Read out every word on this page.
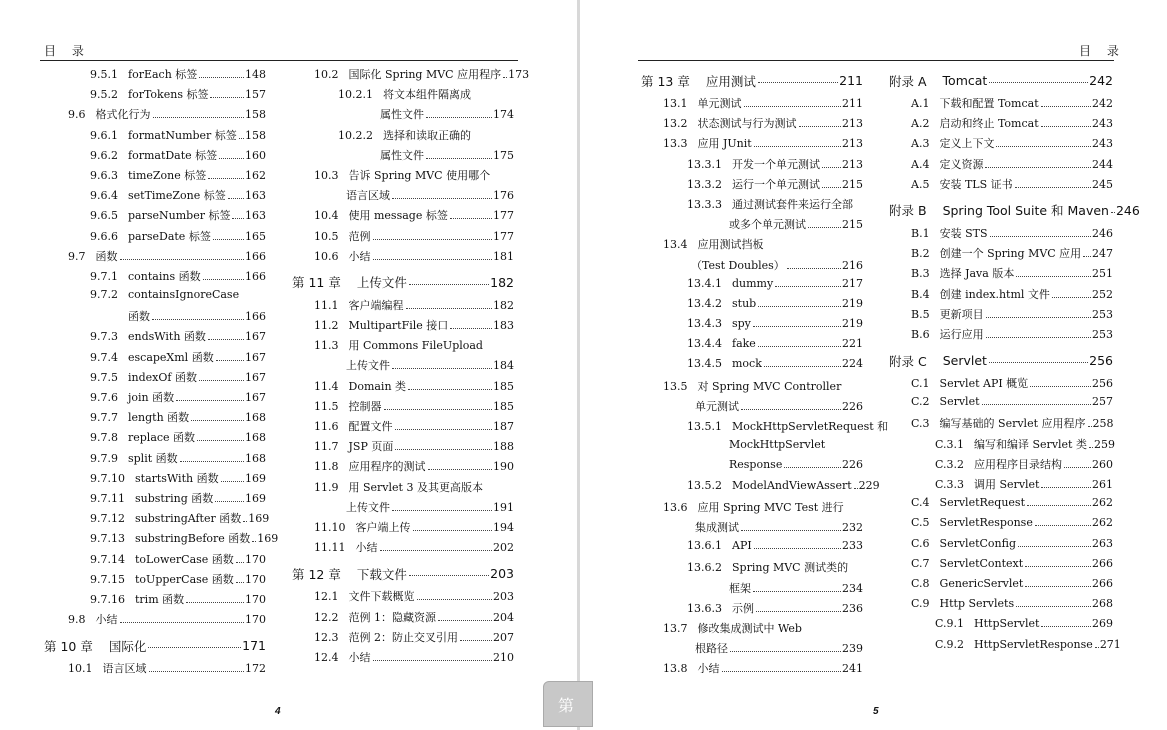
目 录
9.5.1 forEach 标签	148
9.5.2 forTokens 标签	157
9.6 格式化行为	158
9.6.1 formatNumber 标签 158
9.6.2 formatDate 标签	160
9.6.3 timeZone 标签	162
9.6.4 setTimeZone 标签 163
9.6.5 parseNumber 标签 163
9.6.6 parseDate 标签	165
9.7 函数	166
9.7.1 contains 函数	166
9.7.2 containsIgnoreCase
函数	166
9.7.3 endsWith 函数	167
9.7.4 escapeXml 函数	167
9.7.5 indexOf 函数	167
9.7.6 join 函数	167
9.7.7 length 函数	168
9.7.8 replace 函数	168
9.7.9 split 函数	168
9.7.10 startsWith 函数 169
9.7.11 substring 函数	169
9.7.12 substringAfter 函数 169
9.7.13 substringBefore 函数 169
9.7.14 toLowerCase 函数 170
9.7.15 toUpperCase 函数 170
9.7.16 trim 函数	170
9.8 小结	170
第 10 章 国际化	171
10.1 语言区域	172
10.2 国际化 Spring MVC 应用程序 173
10.2.1 将文本组件隔离成
属性文件	174
10.2.2 选择和读取正确的
属性文件	175
10.3 告诉 Spring MVC 使用哪个
语言区域	176
10.4 使用 message 标签	177
10.5 范例	177
10.6 小结	181
第 11 章 上传文件	182
11.1 客户端编程	182
11.2 MultipartFile 接口	183
11.3 用 Commons FileUpload
上传文件	184
11.4 Domain 类	185
11.5 控制器	185
11.6 配置文件	187
11.7 JSP 页面	188
11.8 应用程序的测试	190
11.9 用 Servlet 3 及其更高版本
上传文件	191
11.10 客户端上传	194
11.11 小结	202
第 12 章 下载文件	203
12.1 文件下载概览	203
12.2 范例 1：隐藏资源	204
12.3 范例 2：防止交叉引用	207
12.4 小结	210
4
目 录
第 13 章 应用测试	211
13.1 单元测试	211
13.2 状态测试与行为测试	213
13.3 应用 JUnit	213
13.3.1 开发一个单元测试 213
13.3.2 运行一个单元测试 215
13.3.3 通过测试套件来运行全部
或多个单元测试	215
13.4 应用测试挡板
（Test Doubles）	216
13.4.1 dummy	217
13.4.2 stub	219
13.4.3 spy	219
13.4.4 fake	221
13.4.5 mock	224
13.5 对 Spring MVC Controller
单元测试	226
13.5.1 MockHttpServletRequest 和
MockHttpServlet
Response	226
13.5.2 ModelAndViewAssert 229
13.6 应用 Spring MVC Test 进行
集成测试	232
13.6.1 API	233
13.6.2 Spring MVC 测试类的
框架	234
13.6.3 示例	236
13.7 修改集成测试中 Web
根路径	239
13.8 小结	241
附录 A Tomcat	242
A.1 下载和配置 Tomcat	242
A.2 启动和终止 Tomcat	243
A.3 定义上下文	243
A.4 定义资源	244
A.5 安装 TLS 证书	245
附录 B Spring Tool Suite 和 Maven 246
B.1 安装 STS	246
B.2 创建一个 Spring MVC 应用 247
B.3 选择 Java 版本	251
B.4 创建 index.html 文件	252
B.5 更新项目	253
B.6 运行应用	253
附录 C Servlet	256
C.1 Servlet API 概览	256
C.2 Servlet	257
C.3 编写基础的 Servlet 应用程序 258
C.3.1 编写和编译 Servlet 类 259
C.3.2 应用程序目录结构	260
C.3.3 调用 Servlet	261
C.4 ServletRequest	262
C.5 ServletResponse	262
C.6 ServletConfig	263
C.7 ServletContext	266
C.8 GenericServlet	266
C.9 Http Servlets	268
C.9.1 HttpServlet	269
C.9.2 HttpServletResponse 271
5
第
